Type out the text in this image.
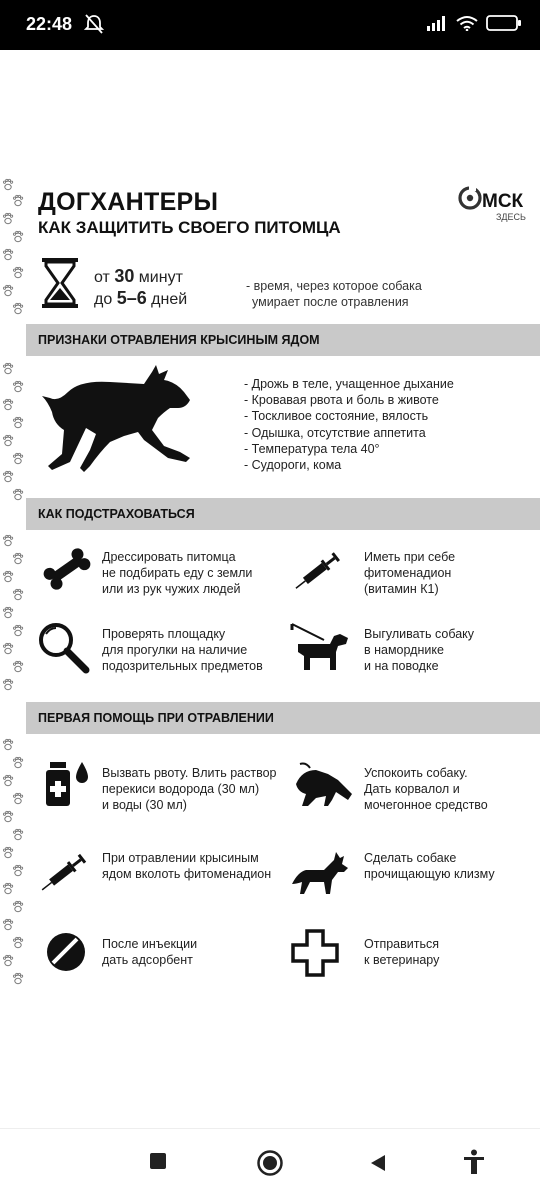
22:48
ДОГХАНТЕРЫ
КАК ЗАЩИТИТЬ СВОЕГО ПИТОМЦА
МСК
ЗДЕСЬ
от 30 минут
до 5–6 дней
- время, через которое собака
умирает после отравления
ПРИЗНАКИ ОТРАВЛЕНИЯ КРЫСИНЫМ ЯДОМ
- Дрожь в теле, учащенное дыхание
- Кровавая рвота и боль в животе
- Тоскливое состояние, вялость
- Одышка, отсутствие аппетита
- Температура тела 40°
- Судороги, кома
КАК ПОДСТРАХОВАТЬСЯ
Дрессировать питомца
не подбирать еду с земли
или из рук чужих людей
Иметь при себе
фитоменадион
(витамин К1)
Проверять площадку
для прогулки на наличие
подозрительных предметов
Выгуливать собаку
в наморднике
и на поводке
ПЕРВАЯ ПОМОЩЬ ПРИ ОТРАВЛЕНИИ
Вызвать рвоту. Влить раствор
перекиси водорода (30 мл)
и воды (30 мл)
Успокоить собаку.
Дать корвалол и
мочегонное средство
При отравлении крысиным
ядом вколоть фитоменадион
Сделать собаке
прочищающую клизму
После инъекции
дать адсорбент
Отправиться
к ветеринару
